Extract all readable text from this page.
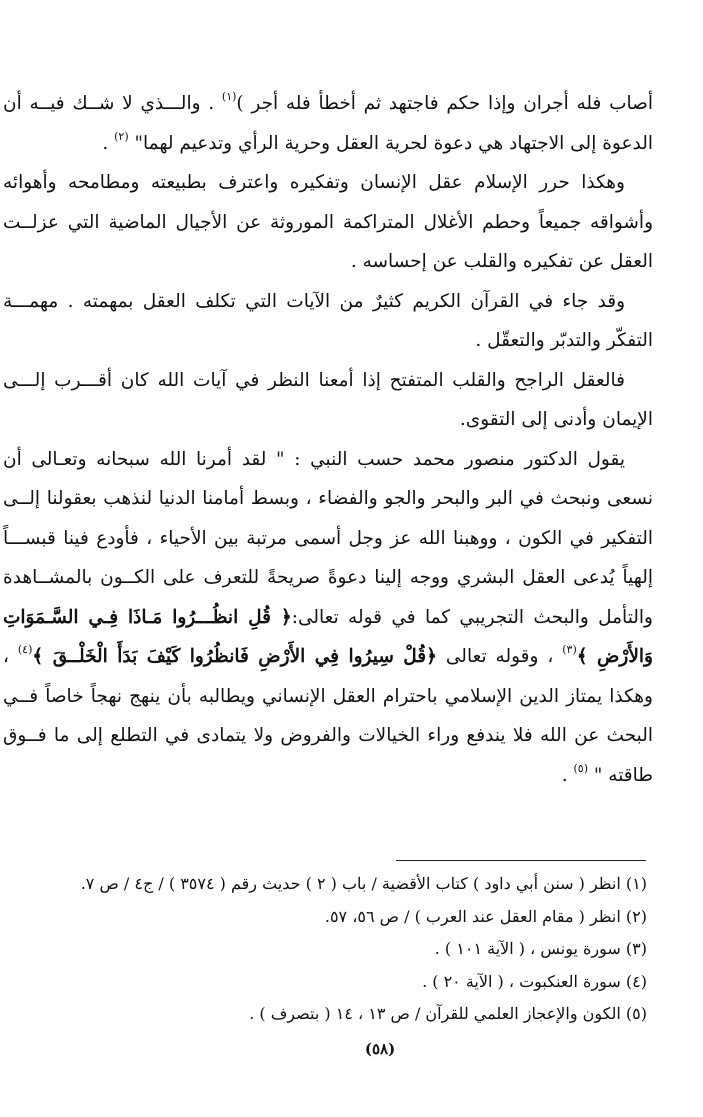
أصاب فله أجران وإذا حكم فاجتهد ثم أخطأ فله أجر )$^{(١)}$ . والـــذي لا شــك فيــه أن الدعوة إلى الاجتهاد هي دعوة لحرية العقل وحرية الرأي وتدعيم لهما" $^{(٢)}$ .

وهكذا حرر الإسلام عقل الإنسان وتفكيره واعترف بطبيعته ومطامحه وأهوائه وأشواقه جميعاً وحطم الأغلال المتراكمة الموروثة عن الأجيال الماضية التي عزلــت العقل عن تفكيره والقلب عن إحساسه .

وقد جاء في القرآن الكريم كثيرٌ من الآيات التي تكلف العقل بمهمته . مهمـــة التفكّر والتدبّر والتعقّل .

فالعقل الراجح والقلب المتفتح إذا أمعنا النظر في آيات الله كان أقـــرب إلـــى الإيمان وأدنى إلى التقوى.

يقول الدكتور منصور محمد حسب النبي : " لقد أمرنا الله سبحانه وتعـالى أن نسعى ونبحث في البر والبحر والجو والفضاء ، وبسط أمامنا الدنيا لنذهب بعقولنا إلــى التفكير في الكون ، ووهبنا الله عز وجل أسمى مرتبة بين الأحياء ، فأودع فينا قبســـاً إلهياً يُدعى العقل البشري ووجه إلينا دعوةً صريحةً للتعرف على الكــون بالمشــاهدة والتأمل والبحث التجريبي كما في قوله تعالى:﴿ قُلِ انظُـــرُوا مَـاذَا فِـي السَّـمَوَاتِ وَالأَرْضِ ﴾$^{(٣)}$ ، وقوله تعالى ﴿قُلْ سِيرُوا فِي الأَرْضِ فَانظُرُوا كَيْفَ بَدَأَ الْخَلْــقَ ﴾$^{(٤)}$ ، وهكذا يمتاز الدين الإسلامي باحترام العقل الإنساني ويطالبه بأن ينهج نهجاً خاصاً فــي البحث عن الله فلا يندفع وراء الخيالات والفروض ولا يتمادى في التطلع إلى ما فــوق طاقته " $^{(٥)}$ .

(١) انظر ( سنن أبي داود ) كتاب الأقضية / باب ( ٢ ) حديث رقم ( ٣٥٧٤ ) / ج٤ / ص ٧.

(٢) انظر ( مقام العقل عند العرب ) / ص ٥٦، ٥٧.

(٣) سورة يونس ، ( الآية ١٠١ ) .

(٤) سورة العنكبوت ، ( الآية ٢٠ ) .

(٥) الكون والإعجاز العلمي للقرآن / ص ١٣ ، ١٤ ( بتصرف ) .

(٥٨)
